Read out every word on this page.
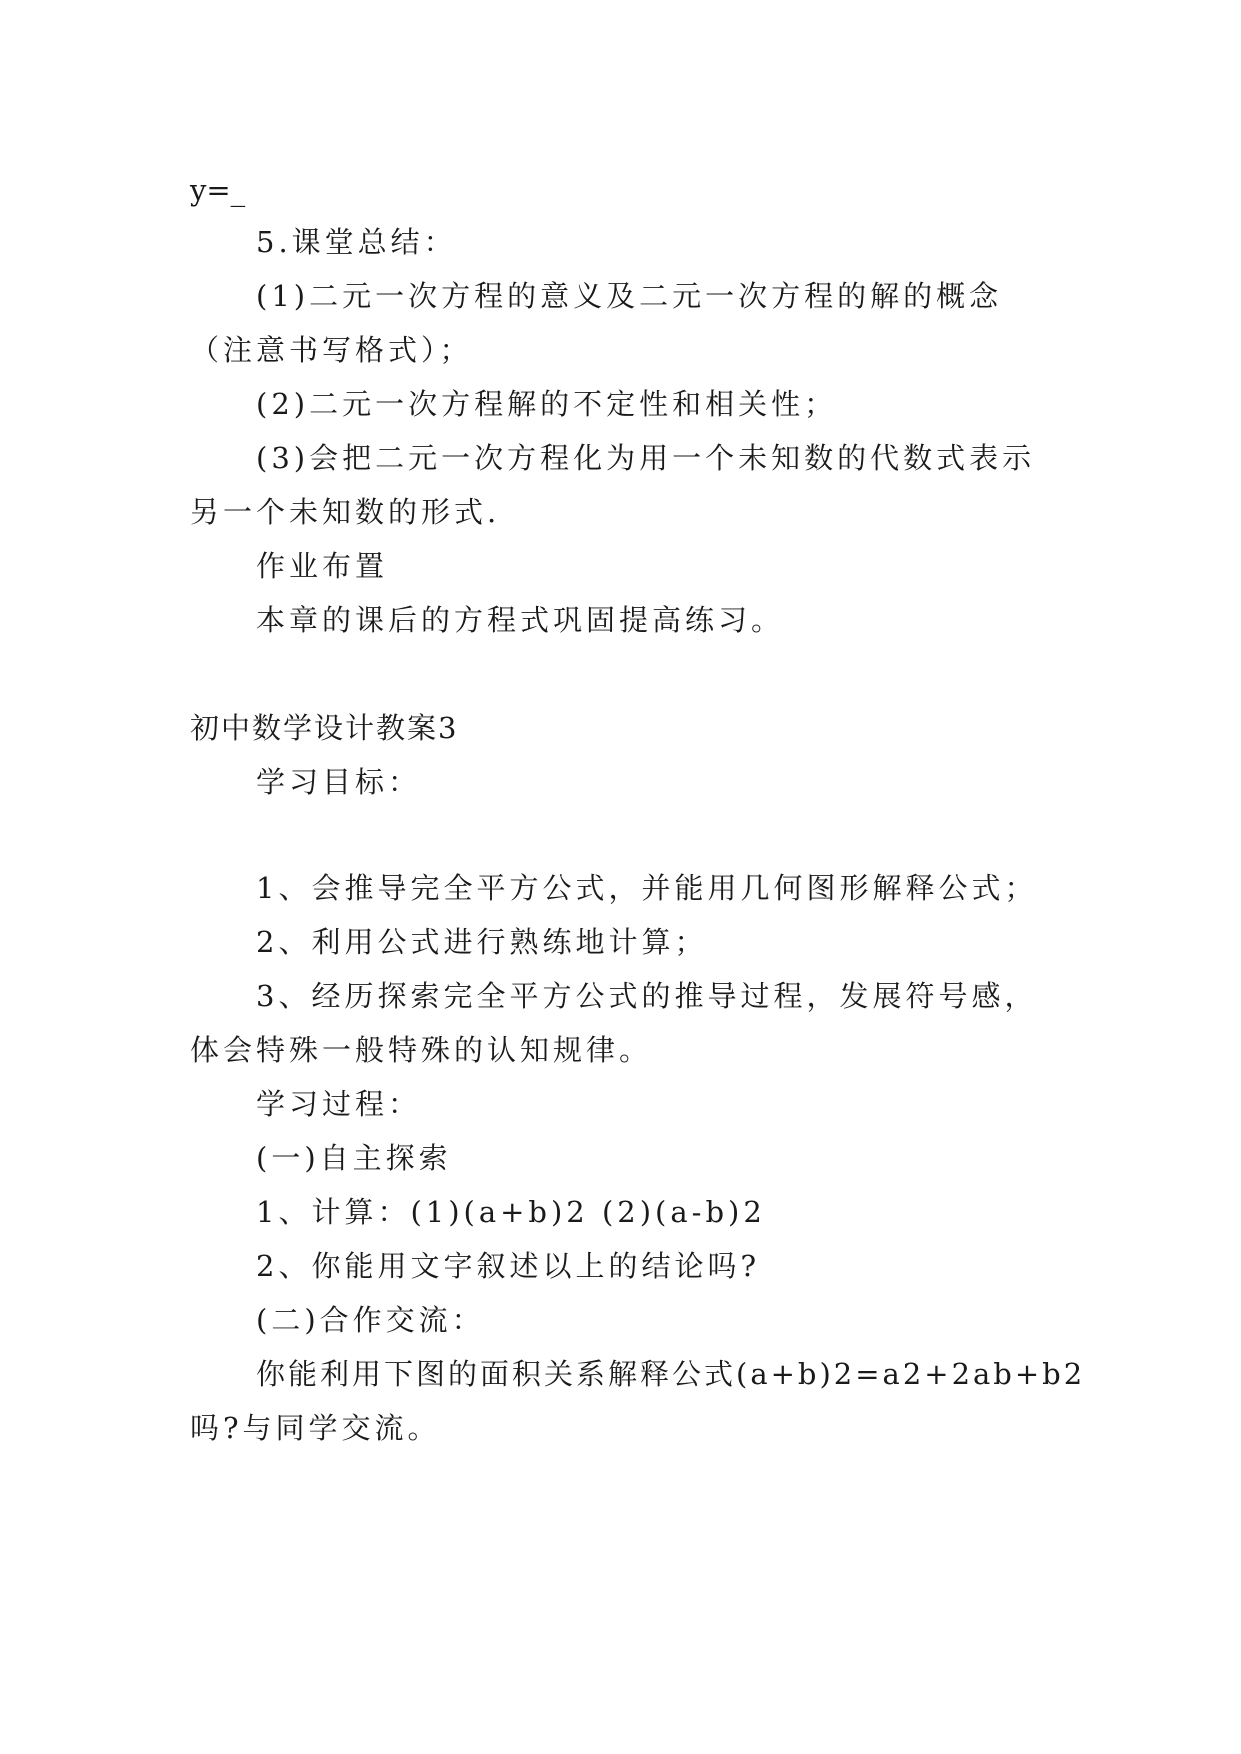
y=_
5.课堂总结：
(1)二元一次方程的意义及二元一次方程的解的概念
（注意书写格式）；
(2)二元一次方程解的不定性和相关性；
(3)会把二元一次方程化为用一个未知数的代数式表示
另一个未知数的形式.
作业布置
本章的课后的方程式巩固提高练习。
初中数学设计教案3
学习目标：
1、会推导完全平方公式，并能用几何图形解释公式；
2、利用公式进行熟练地计算；
3、经历探索完全平方公式的推导过程，发展符号感，
体会特殊一般特殊的认知规律。
学习过程：
(一)自主探索
1、计算：(1)(a+b)2 (2)(a-b)2
2、你能用文字叙述以上的结论吗?
(二)合作交流：
你能利用下图的面积关系解释公式(a+b)2=a2+2ab+b2
吗?与同学交流。
